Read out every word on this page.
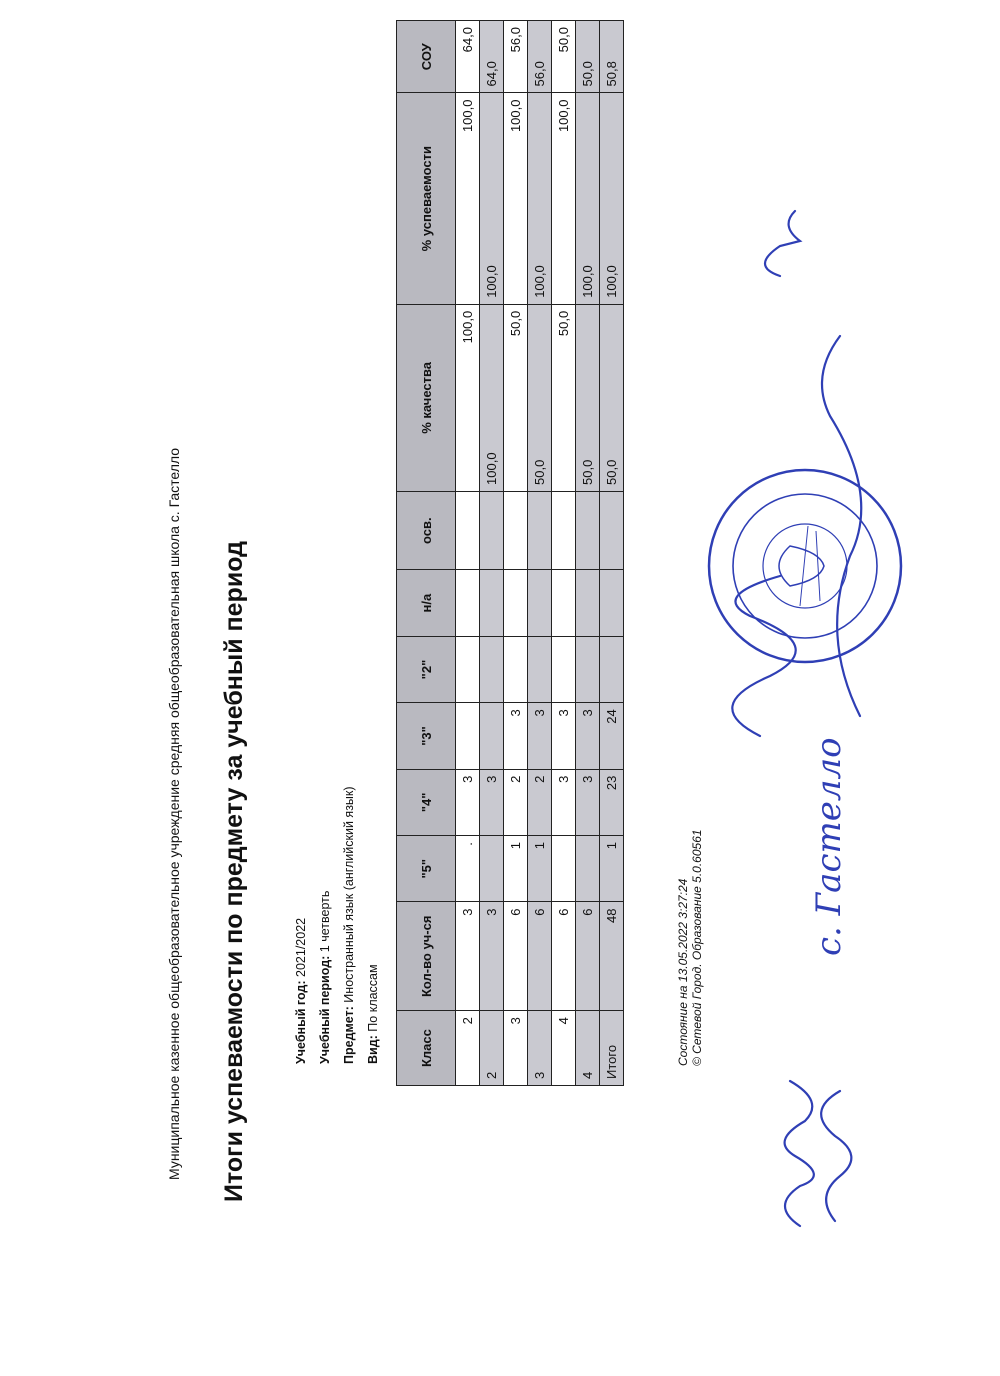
Муниципальное казенное общеобразовательное учреждение средняя общеобразовательная школа с. Гастелло Итоги успеваемости по предмету за учебный период	Учебный год: 2021/2022
Учебный период: 1 четверть
Предмет: Иностранный язык (английский язык)
Вид: По классам
Класс	Кол-во уч-ся	"5"	"4"	"3"	"2"	н/а	осв.	% качества	% успеваемости	СОУ
2	3	.	3					100,0	100,0	64,0
2	3		3					100,0	100,0	64,0
3	6	1	2	3				50,0	100,0	56,0
3	6	1	2	3				50,0	100,0	56,0
4	6		3	3				50,0	100,0	50,0
4	6		3	3				50,0	100,0	50,0
Итого	48	1	23	24				50,0	100,0	50,8
Состояние на 13.05.2022 3:27:24 © Сетевой Город. Образование 5.0.60561	с. Гастелло
